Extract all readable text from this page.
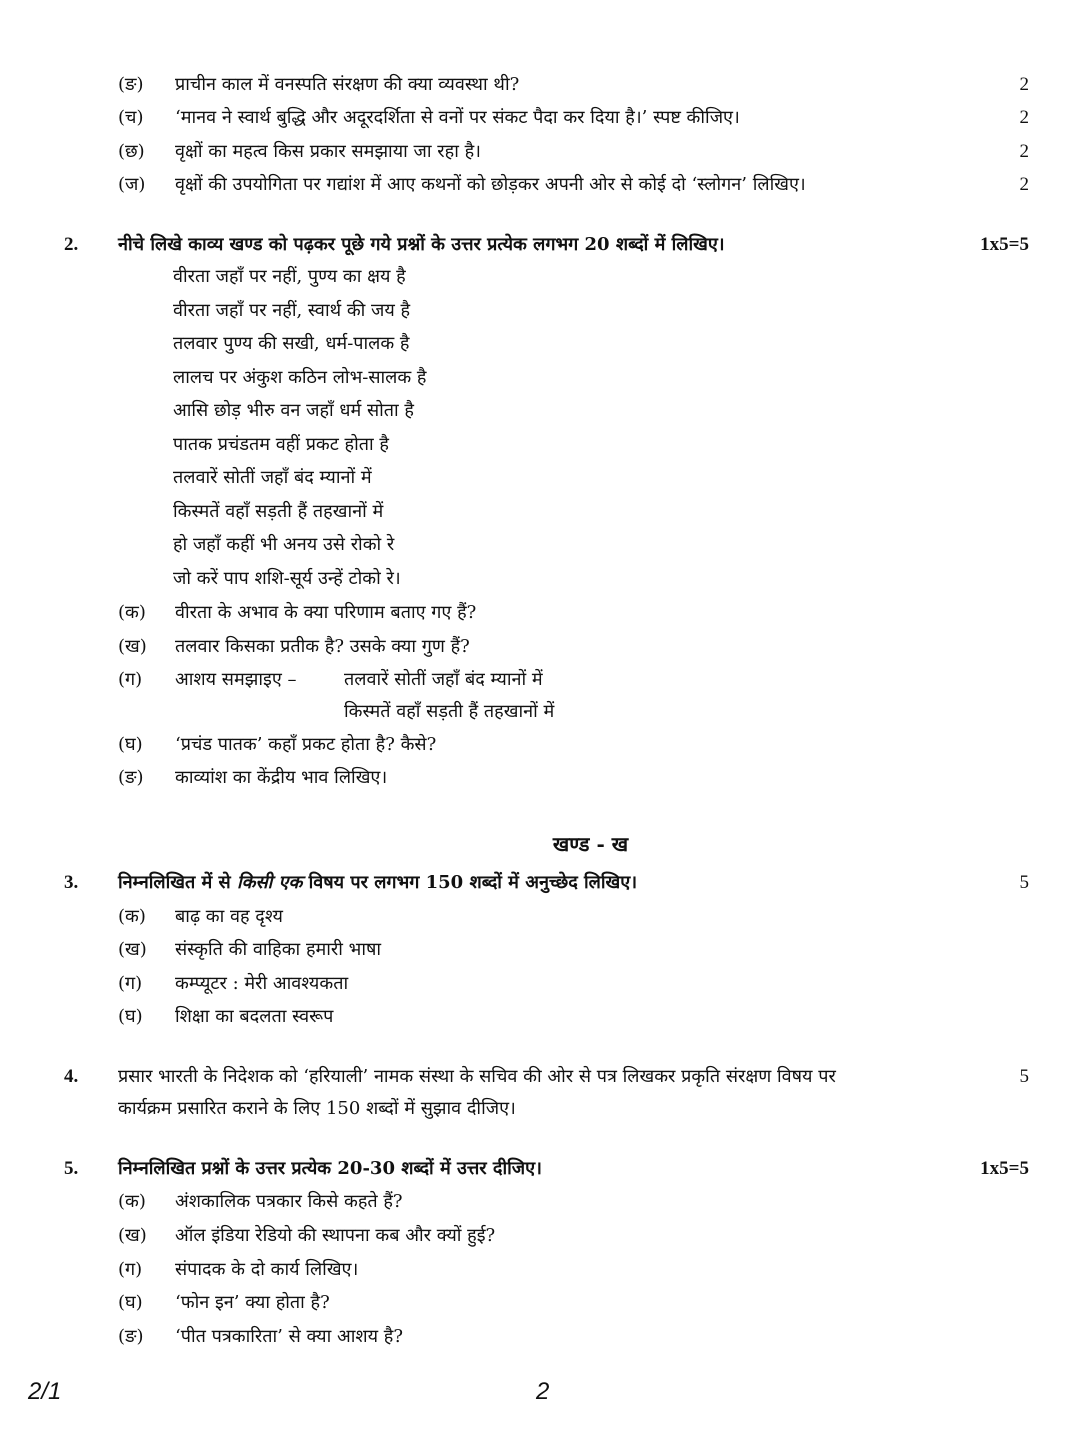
(ङ) प्राचीन काल में वनस्पति संरक्षण की क्या व्यवस्था थी?	2
(च) ‘मानव ने स्वार्थ बुद्धि और अदूरदर्शिता से वनों पर संकट पैदा कर दिया है।’ स्पष्ट कीजिए।	2
(छ) वृक्षों का महत्व किस प्रकार समझाया जा रहा है।	2
(ज) वृक्षों की उपयोगिता पर गद्यांश में आए कथनों को छोड़कर अपनी ओर से कोई दो ‘स्लोगन’ लिखिए।	2
2. नीचे लिखे काव्य खण्ड को पढ़कर पूछे गये प्रश्नों के उत्तर प्रत्येक लगभग 20 शब्दों में लिखिए।	1x5=5
वीरता जहाँ पर नहीं, पुण्य का क्षय है
वीरता जहाँ पर नहीं, स्वार्थ की जय है
तलवार पुण्य की सखी, धर्म-पालक है
लालच पर अंकुश कठिन लोभ-सालक है
आसि छोड़ भीरु वन जहाँ धर्म सोता है
पातक प्रचंडतम वहीं प्रकट होता है
तलवारें सोतीं जहाँ बंद म्यानों में
किस्मतें वहाँ सड़ती हैं तहखानों में
हो जहाँ कहीं भी अनय उसे रोको रे
जो करें पाप शशि-सूर्य उन्हें टोको रे।
(क) वीरता के अभाव के क्या परिणाम बताए गए हैं?
(ख) तलवार किसका प्रतीक है? उसके क्या गुण हैं?
(ग) आशय समझाइए –	तलवारें सोतीं जहाँ बंद म्यानों में
किस्मतें वहाँ सड़ती हैं तहखानों में
(घ) ‘प्रचंड पातक’ कहाँ प्रकट होता है? कैसे?
(ङ) काव्यांश का केंद्रीय भाव लिखिए।
खण्ड - ख
3. निम्नलिखित में से किसी एक विषय पर लगभग 150 शब्दों में अनुच्छेद लिखिए।	5
(क) बाढ़ का वह दृश्य
(ख) संस्कृति की वाहिका हमारी भाषा
(ग) कम्प्यूटर : मेरी आवश्यकता
(घ) शिक्षा का बदलता स्वरूप
4. प्रसार भारती के निदेशक को ‘हरियाली’ नामक संस्था के सचिव की ओर से पत्र लिखकर प्रकृति संरक्षण विषय पर	5
कार्यक्रम प्रसारित कराने के लिए 150 शब्दों में सुझाव दीजिए।
5. निम्नलिखित प्रश्नों के उत्तर प्रत्येक 20-30 शब्दों में उत्तर दीजिए।	1x5=5
(क) अंशकालिक पत्रकार किसे कहते हैं?
(ख) ऑल इंडिया रेडियो की स्थापना कब और क्यों हुई?
(ग) संपादक के दो कार्य लिखिए।
(घ) ‘फोन इन’ क्या होता है?
(ङ) ‘पीत पत्रकारिता’ से क्या आशय है?
2/1	2
